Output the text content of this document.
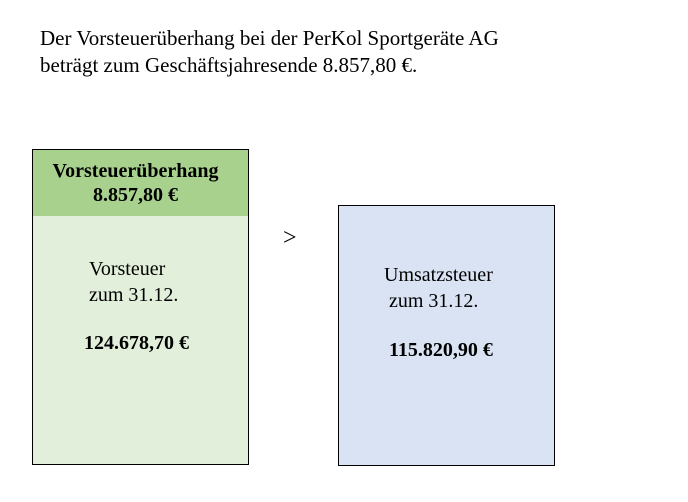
Der Vorsteuerüberhang bei der PerKol Sportgeräte AG
beträgt zum Geschäftsjahresende 8.857,80 €.
Vorsteuerüberhang
8.857,80 €
Vorsteuer
zum 31.12.
124.678,70 €
>
Umsatzsteuer
zum 31.12.
115.820,90 €
